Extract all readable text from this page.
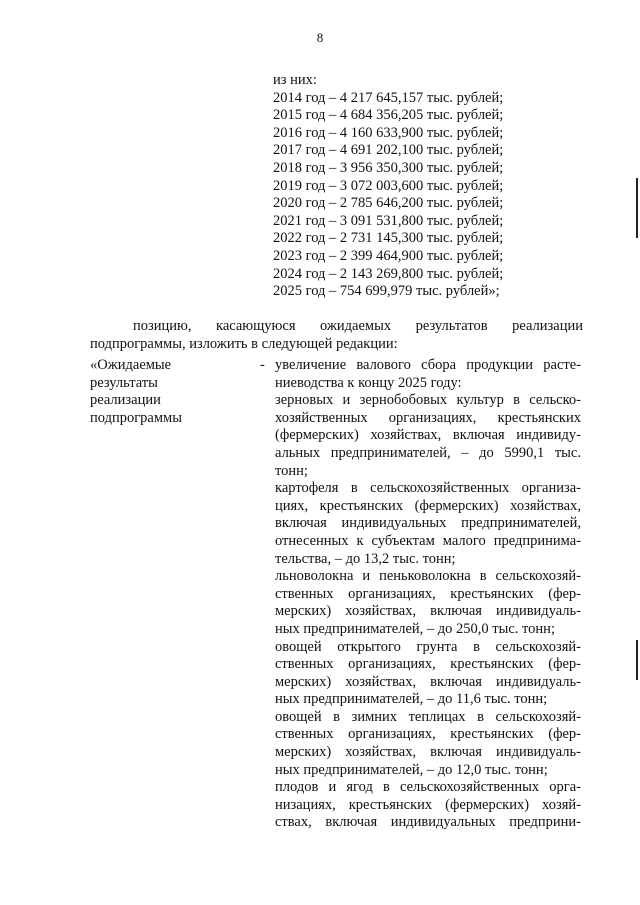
8
из них:
2014 год – 4 217 645,157 тыс. рублей;
2015 год – 4 684 356,205 тыс. рублей;
2016 год – 4 160 633,900 тыс. рублей;
2017 год – 4 691 202,100 тыс. рублей;
2018 год – 3 956 350,300 тыс. рублей;
2019 год – 3 072 003,600 тыс. рублей;
2020 год – 2 785 646,200 тыс. рублей;
2021 год – 3 091 531,800 тыс. рублей;
2022 год – 2 731 145,300 тыс. рублей;
2023 год – 2 399 464,900 тыс. рублей;
2024 год – 2 143 269,800 тыс. рублей;
2025 год – 754 699,979 тыс. рублей»;
позицию, касающуюся ожидаемых результатов реализации
подпрограммы, изложить в следующей редакции:
«Ожидаемые
результаты
реализации
подпрограммы
- увеличение валового сбора продукции расте-
ниеводства к концу 2025 году:
зерновых и зернобобовых культур в сельско-
хозяйственных организациях, крестьянских
(фермерских) хозяйствах, включая индивиду-
альных предпринимателей, – до 5990,1 тыс.
тонн;
картофеля в сельскохозяйственных организа-
циях, крестьянских (фермерских) хозяйствах,
включая индивидуальных предпринимателей,
отнесенных к субъектам малого предпринима-
тельства, – до 13,2 тыс. тонн;
льноволокна и пеньковолокна в сельскохозяй-
ственных организациях, крестьянских (фер-
мерских) хозяйствах, включая индивидуаль-
ных предпринимателей, – до 250,0 тыс. тонн;
овощей открытого грунта в сельскохозяй-
ственных организациях, крестьянских (фер-
мерских) хозяйствах, включая индивидуаль-
ных предпринимателей, – до 11,6 тыс. тонн;
овощей в зимних теплицах в сельскохозяй-
ственных организациях, крестьянских (фер-
мерских) хозяйствах, включая индивидуаль-
ных предпринимателей, – до 12,0 тыс. тонн;
плодов и ягод в сельскохозяйственных орга-
низациях, крестьянских (фермерских) хозяй-
ствах, включая индивидуальных предприни-
